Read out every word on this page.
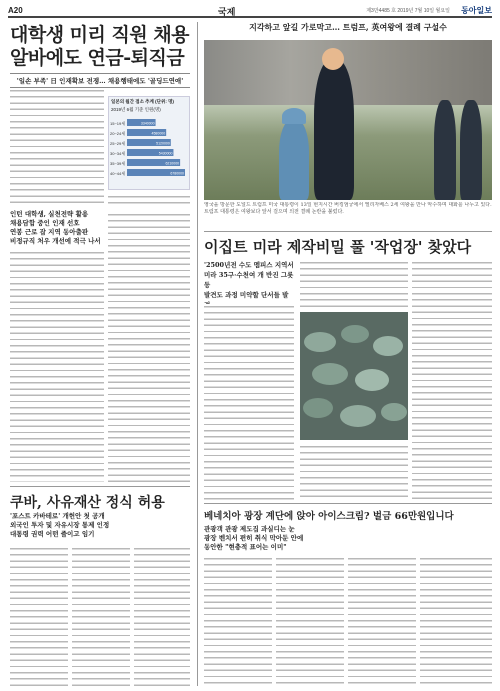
A20	국제	제3만4485 호 2019년 7월 10일 월요일 동아일보
대학생 미리 직원 채용
알바에도 연금-퇴직금
'일손 부족' 日 인재확보 전쟁… 채용행태에도 '골딩드연애'
일본의 월간 접소 추계 (단위: 명)
2019년 6월 기준 인원(명)
15~19세	3340000
20~24세	4580000
25~29세	5120000
30~34세	5430000
35~39세	6210000
40~44세	6780000
인턴 대학생, 실천전략 활용
채용담합 중인 인재 선호
연봉 근로 잡 지역 동아출판
비정규직 처우 개선에 적극 나서
쿠바, 사유재산 정식 허용
'포스트 카바테로' 개헌안 첫 공개
외국인 투자 및 자유시장 통제 인정
대통령 권력 어떤 줄이고 임기
지각하고 앞길 가로막고… 트럼프, 英여왕에 결례 구설수
영국을 방문한 도널드 트럼프 미국 대통령이 13일 현지시간 버킹엄궁에서 엘리자베스 2세 여왕을 만나 악수하며 대화를 나누고 있다. 트럼프 대통령은 여왕보다 앞서 걸으며 의전 결례 논란을 불렀다.
이집트 미라 제작비밀 풀 '작업장' 찾았다
'2500년전 수도 멤피스 지역서
미라 35구·수천여 개 반진 그릇 등
발견도 과정 미약할 단서들 발
베네치아 광장 계단에 앉아 아이스크림? 벌금 66만원입니다
관광객 관광 제도집 과실디는 눈
광장 벤치서 편히 취식 막아둔 안에
동안한 "현충적 표어는 이미"
